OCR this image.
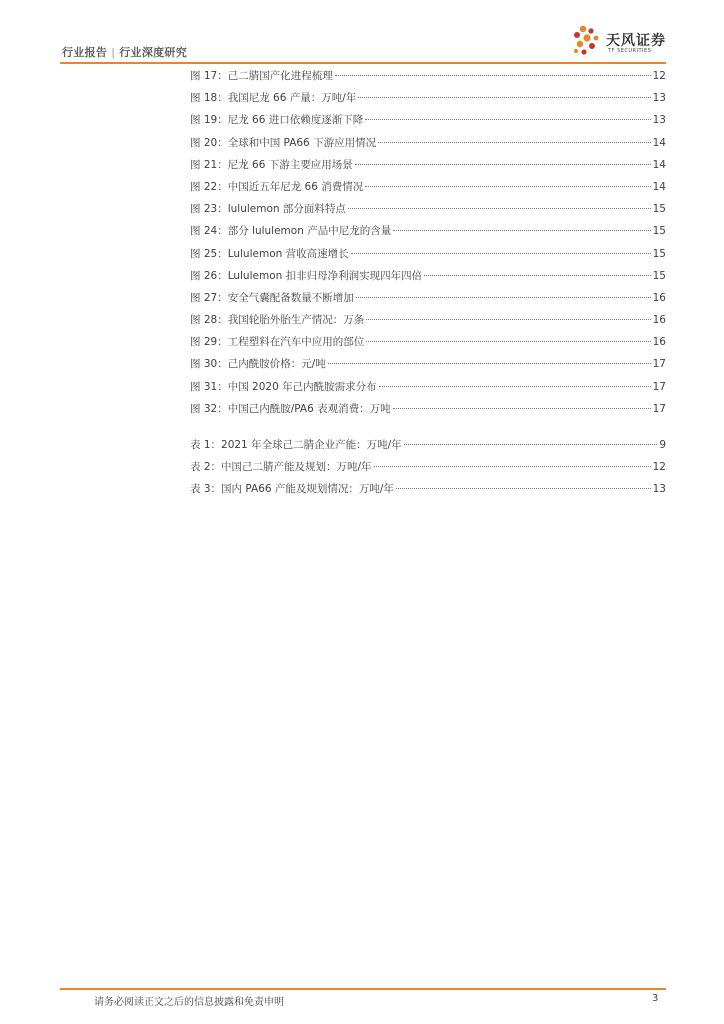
行业报告 | 行业深度研究
天风证券
TF SECURITIES
图 17：己二腈国产化进程梳理	12
图 18：我国尼龙 66 产量：万吨/年	13
图 19：尼龙 66 进口依赖度逐渐下降	13
图 20：全球和中国 PA66 下游应用情况	14
图 21：尼龙 66 下游主要应用场景	14
图 22：中国近五年尼龙 66 消费情况	14
图 23：lululemon 部分面料特点	15
图 24：部分 lululemon 产品中尼龙的含量	15
图 25：Lululemon 营收高速增长	15
图 26：Lululemon 扣非归母净利润实现四年四倍	15
图 27：安全气囊配备数量不断增加	16
图 28：我国轮胎外胎生产情况：万条	16
图 29：工程塑料在汽车中应用的部位	16
图 30：己内酰胺价格：元/吨	17
图 31：中国 2020 年己内酰胺需求分布	17
图 32：中国己内酰胺/PA6 表观消费：万吨	17
表 1：2021 年全球己二腈企业产能：万吨/年	9
表 2：中国己二腈产能及规划：万吨/年	12
表 3：国内 PA66 产能及规划情况：万吨/年	13
请务必阅读正文之后的信息披露和免责申明	3
